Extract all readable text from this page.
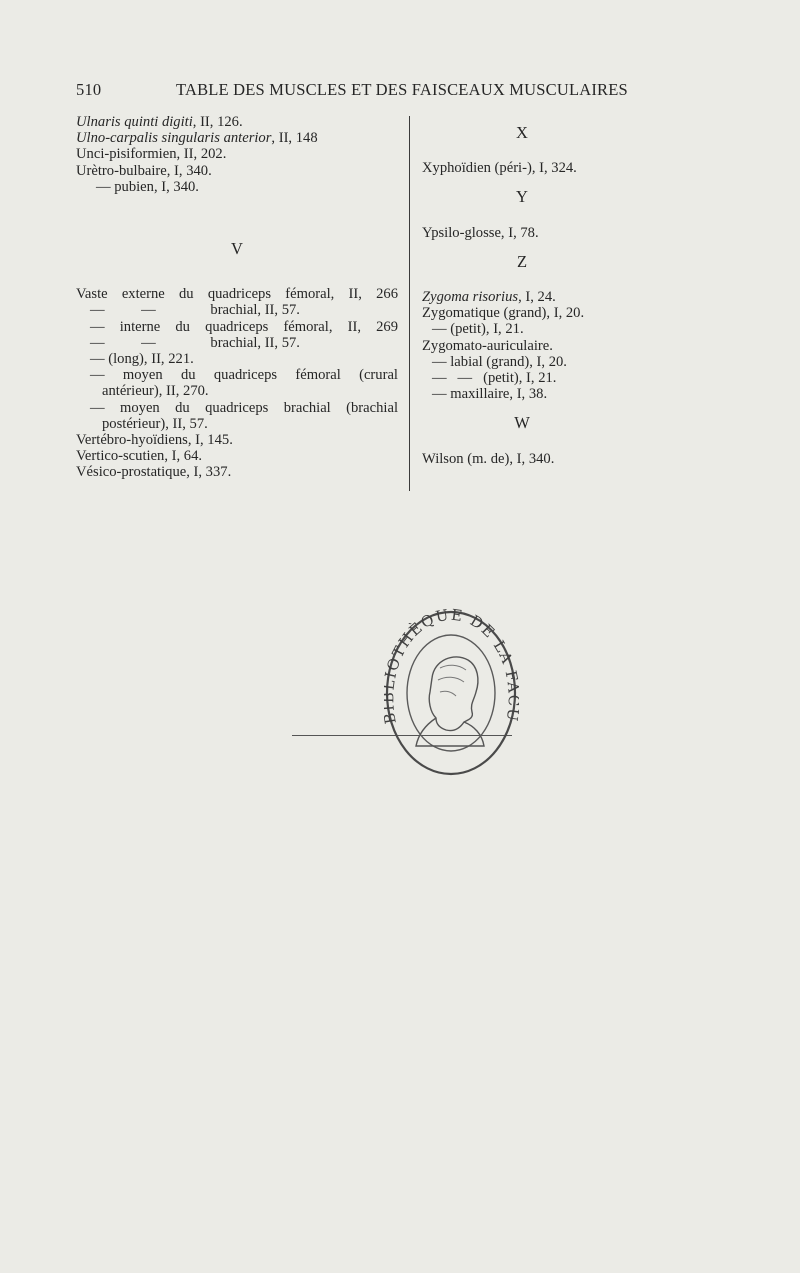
510	TABLE DES MUSCLES ET DES FAISCEAUX MUSCULAIRES
Ulnaris quinti digiti, II, 126.
Ulno-carpalis singularis anterior, II, 148
Unci-pisiformien, II, 202.
Urètro-bulbaire, I, 340.
— pubien, I, 340.
V
Vaste externe du quadriceps fémoral, II, 266
—          —               brachial, II, 57.
— interne du quadriceps fémoral, II, 269
—          —               brachial, II, 57.
— (long), II, 221.
— moyen du quadriceps fémoral (crural
antérieur), II, 270.
— moyen du quadriceps brachial (brachial
postérieur), II, 57.
Vertébro-hyoïdiens, I, 145.
Vertico-scutien, I, 64.
Vésico-prostatique, I, 337.
X
Xyphoïdien (péri-), I, 324.
Y
Ypsilo-glosse, I, 78.
Z
Zygoma risorius, I, 24.
Zygomatique (grand), I, 20.
— (petit), I, 21.
Zygomato-auriculaire.
— labial (grand), I, 20.
—   —   (petit), I, 21.
— maxillaire, I, 38.
W
Wilson (m. de), I, 340.
OTHÈQUE DE LA
